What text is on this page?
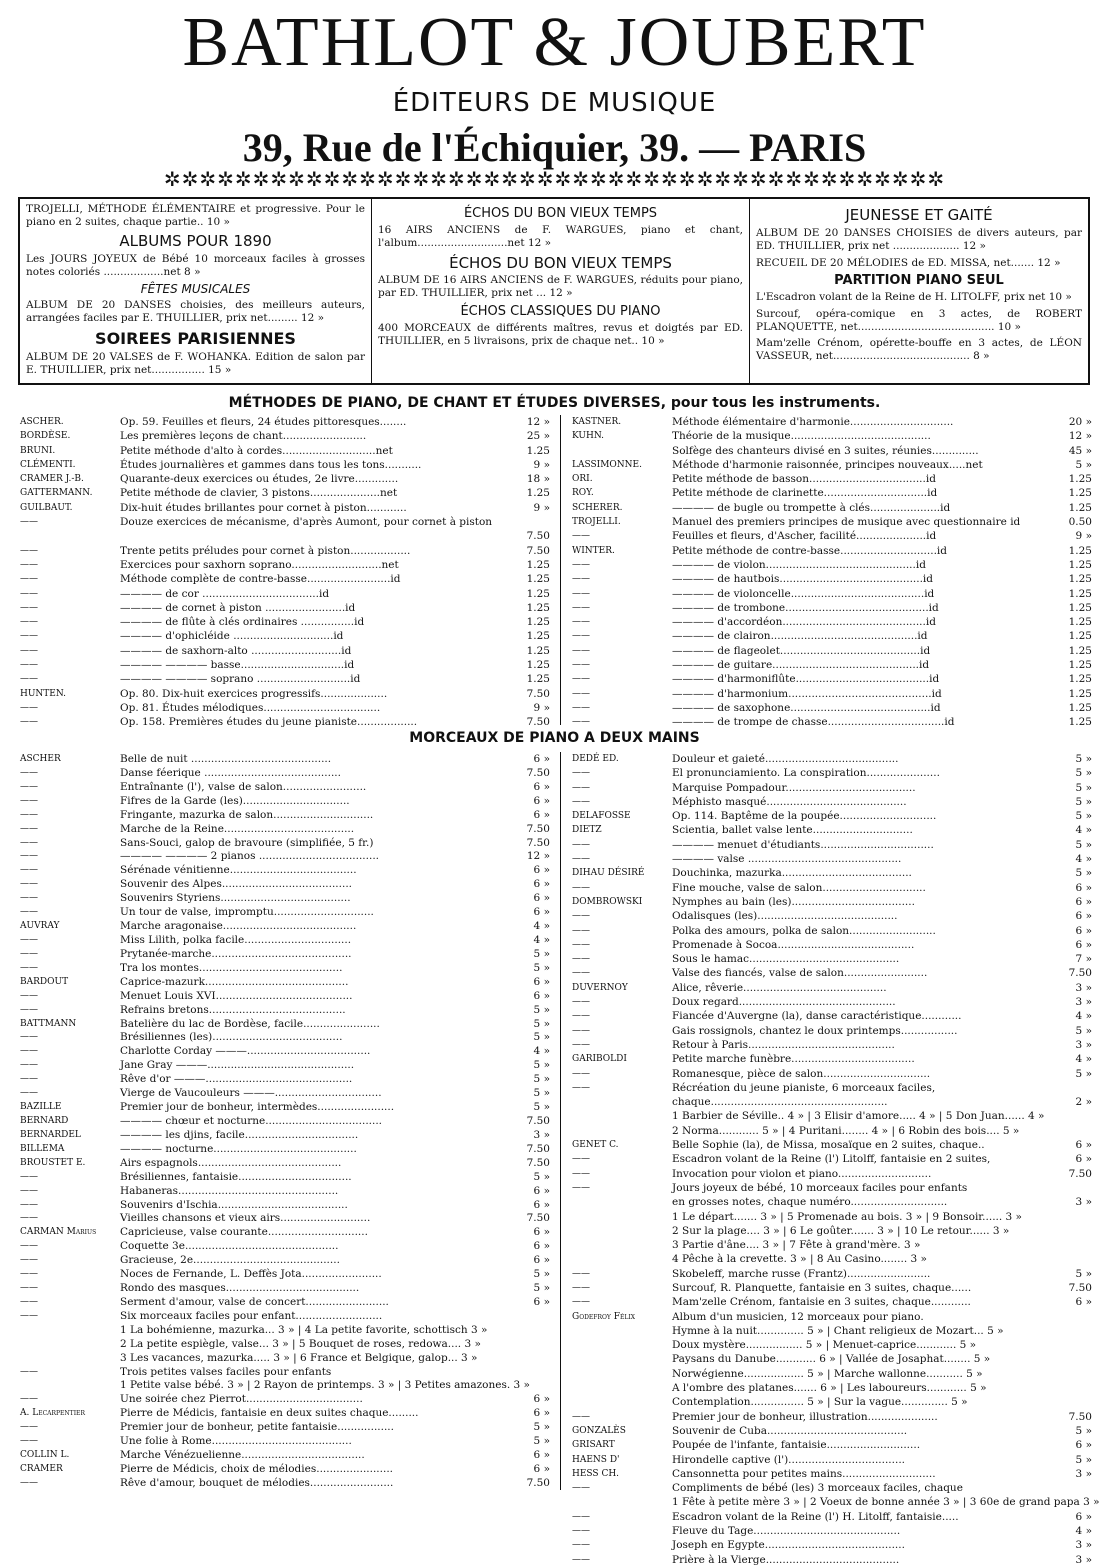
BATHLOT & JOUBERT
ÉDITEURS DE MUSIQUE
39, Rue de l'Échiquier, 39. — PARIS
✲✲✲✲✲✲✲✲✲✲✲✲✲✲✲✲✲✲✲✲✲✲✲✲✲✲✲✲✲✲✲✲✲✲✲✲✲✲✲✲✲✲✲✲
TROJELLI, MÉTHODE ÉLÉMENTAIRE et progressive. Pour le piano en 2 suites, chaque partie.. 10 »
ALBUMS POUR 1890
Les JOURS JOYEUX de Bébé 10 morceaux faciles à grosses notes coloriés ..................net 8 »
FÊTES MUSICALES
ALBUM DE 20 DANSES choisies, des meilleurs auteurs, arrangées faciles par E. THUILLIER, prix net......... 12 »
SOIREES PARISIENNES
ALBUM DE 20 VALSES de F. WOHANKA. Edition de salon par E. THUILLIER, prix net................ 15 »
ÉCHOS DU BON VIEUX TEMPS
16 AIRS ANCIENS de F. WARGUES, piano et chant, l'album...........................net 12 »
ÉCHOS DU BON VIEUX TEMPS
ALBUM DE 16 AIRS ANCIENS de F. WARGUES, réduits pour piano, par ED. THUILLIER, prix net ... 12 »
ÉCHOS CLASSIQUES DU PIANO
400 MORCEAUX de différents maîtres, revus et doigtés par ED. THUILLIER, en 5 livraisons, prix de chaque net.. 10 »
JEUNESSE ET GAITÉ
ALBUM DE 20 DANSES CHOISIES de divers auteurs, par ED. THUILLIER, prix net .................... 12 »
RECUEIL DE 20 MÉLODIES de ED. MISSA, net....... 12 »
PARTITION PIANO SEUL
L'Escadron volant de la Reine de H. LITOLFF, prix net 10 »
Surcouf, opéra-comique en 3 actes, de ROBERT PLANQUETTE, net......................................... 10 »
Mam'zelle Crénom, opérette-bouffe en 3 actes, de LÉON VASSEUR, net......................................... 8 »
MÉTHODES DE PIANO, DE CHANT ET ÉTUDES DIVERSES, pour tous les instruments.
ASCHER.	Op. 59. Feuilles et fleurs, 24 études pittoresques........	12 »
BORDÈSE.	Les premières leçons de chant.........................	25 »
BRUNI.	Petite méthode d'alto à cordes............................net	1.25
CLÉMENTI.	Études journalières et gammes dans tous les tons...........	9 »
CRAMER J.-B.	Quarante-deux exercices ou études, 2e livre.............	18 »
GATTERMANN.	Petite méthode de clavier, 3 pistons.....................net	1.25
GUILBAUT.	Dix-huit études brillantes pour cornet à piston............	9 »
——	Douze exercices de mécanisme, d'après Aumont, pour cornet à piston
7.50
——	Trente petits préludes pour cornet à piston..................	7.50
——	Exercices pour saxhorn soprano...........................net	1.25
——	Méthode complète de contre-basse.........................id	1.25
——	———— de cor ...................................id	1.25
——	———— de cornet à piston ........................id	1.25
——	———— de flûte à clés ordinaires ................id	1.25
——	———— d'ophicléide ..............................id	1.25
——	———— de saxhorn-alto ...........................id	1.25
——	———— ———— basse...............................id	1.25
——	———— ———— soprano ............................id	1.25
HUNTEN.	Op. 80. Dix-huit exercices progressifs....................	7.50
——	Op. 81. Études mélodiques...................................	9 »
——	Op. 158. Premières études du jeune pianiste..................	7.50
KASTNER.	Méthode élémentaire d'harmonie...............................	20 »
KUHN.	Théorie de la musique..........................................	12 »
Solfège des chanteurs divisé en 3 suites, réunies..............	45 »
LASSIMONNE.	Méthode d'harmonie raisonnée, principes nouveaux.....net	5 »
ORI.	Petite méthode de basson...................................id	1.25
ROY.	Petite méthode de clarinette...............................id	1.25
SCHERER.	———— de bugle ou trompette à clés.....................id	1.25
TROJELLI.	Manuel des premiers principes de musique avec questionnaire id	0.50
——	Feuilles et fleurs, d'Ascher, facilité.....................id	9 »
WINTER.	Petite méthode de contre-basse.............................id	1.25
——	———— de violon.............................................id	1.25
——	———— de hautbois...........................................id	1.25
——	———— de violoncelle........................................id	1.25
——	———— de trombone...........................................id	1.25
——	———— d'accordéon...........................................id	1.25
——	———— de clairon............................................id	1.25
——	———— de flageolet..........................................id	1.25
——	———— de guitare............................................id	1.25
——	———— d'harmoniflûte........................................id	1.25
——	———— d'harmonium...........................................id	1.25
——	———— de saxophone..........................................id	1.25
——	———— de trompe de chasse...................................id	1.25
MORCEAUX DE PIANO A DEUX MAINS
ASCHER	Belle de nuit ..........................................	6 »
——	Danse féerique .........................................	7.50
——	Entraînante (l'), valse de salon.........................	6 »
——	Fifres de la Garde (les)................................	6 »
——	Fringante, mazurka de salon..............................	6 »
——	Marche de la Reine.......................................	7.50
——	Sans-Souci, galop de bravoure (simplifiée, 5 fr.)	7.50
——	———— ———— 2 pianos ....................................	12 »
——	Sérénade vénitienne......................................	6 »
——	Souvenir des Alpes.......................................	6 »
——	Souvenirs Styriens.......................................	6 »
——	Un tour de valse, impromptu..............................	6 »
AUVRAY	Marche aragonaise........................................	4 »
——	Miss Lilith, polka facile................................	4 »
——	Prytanée-marche..........................................	5 »
——	Tra los montes...........................................	5 »
BARDOUT	Caprice-mazurk...........................................	6 »
——	Menuet Louis XVI.........................................	6 »
——	Refrains bretons.........................................	5 »
BATTMANN	Batelière du lac de Bordèse, facile.......................	5 »
——	Brésiliennes (les).......................................	5 »
——	Charlotte Corday ———.....................................	4 »
——	Jane Gray ———............................................	5 »
——	Rêve d'or ———............................................	5 »
——	Vierge de Vaucouleurs ———................................	5 »
BAZILLE	Premier jour de bonheur, intermèdes.......................	5 »
BERNARD	———— chœur et nocturne...................................	7.50
BERNARDEL	———— les djins, facile..................................	3 »
BILLEMA	———— nocturne...........................................	7.50
BROUSTET E.	Airs espagnols...........................................	7.50
——	Brésiliennes, fantaisie..................................	5 »
——	Habaneras................................................	6 »
——	Souvenirs d'Ischia.......................................	6 »
——	Vieilles chansons et vieux airs...........................	7.50
CARMAN Marius Capricieuse, valse courante..............................	6 »
——	Coquette 3e..............................................	6 »
——	Gracieuse, 2e............................................	6 »
——	Noces de Fernande, L. Deffès Jota........................	5 »
——	Rondo des masques........................................	5 »
——	Serment d'amour, valse de concert.........................	6 »
——	Six morceaux faciles pour enfant..........................
1 La bohémienne, mazurka... 3 » | 4 La petite favorite, schottisch 3 »
2 La petite espiègle, valse... 3 » | 5 Bouquet de roses, redowa.... 3 »
3 Les vacances, mazurka..... 3 » | 6 France et Belgique, galop... 3 »
——	Trois petites valses faciles pour enfants
1 Petite valse bébé. 3 » | 2 Rayon de printemps. 3 » | 3 Petites amazones. 3 »
——	Une soirée chez Pierrot...................................	6 »
A. Lecarpentier	Pierre de Médicis, fantaisie en deux suites chaque.........	6 »
——	Premier jour de bonheur, petite fantaisie.................	5 »
——	Une folie à Rome..........................................	5 »
COLLIN L.	Marche Vénézuelienne.....................................	6 »
CRAMER	Pierre de Médicis, choix de mélodies.......................	6 »
——	Rêve d'amour, bouquet de mélodies.........................	7.50
DEDÉ ED.	Douleur et gaieté........................................	5 »
——	El pronunciamiento. La conspiration......................	5 »
——	Marquise Pompadour.......................................	5 »
——	Méphisto masqué..........................................	5 »
DELAFOSSE	Op. 114. Baptême de la poupée.............................	5 »
DIETZ	Scientia, ballet valse lente..............................	4 »
——	———— menuet d'étudiants..................................	5 »
——	———— valse ..............................................	4 »
DIHAU DÉSIRÉ	Douchinka, mazurka.......................................	5 »
——	Fine mouche, valse de salon...............................	6 »
DOMBROWSKI	Nymphes au bain (les).....................................	6 »
——	Odalisques (les)..........................................	6 »
——	Polka des amours, polka de salon..........................	6 »
——	Promenade à Socoa.........................................	6 »
——	Sous le hamac.............................................	7 »
——	Valse des fiancés, valse de salon.........................	7.50
DUVERNOY	Alice, rêverie...........................................	3 »
——	Doux regard...............................................	3 »
——	Fiancée d'Auvergne (la), danse caractéristique............	4 »
——	Gais rossignols, chantez le doux printemps.................	5 »
——	Retour à Paris............................................	3 »
GARIBOLDI	Petite marche funèbre.....................................	4 »
——	Romanesque, pièce de salon................................	5 »
——	Récréation du jeune pianiste, 6 morceaux faciles,
chaque.....................................................	2 »
1 Barbier de Séville.. 4 » | 3 Elisir d'amore..... 4 » | 5 Don Juan...... 4 »
2 Norma............ 5 » | 4 Puritani........ 4 » | 6 Robin des bois.... 5 »
GENET C.	Belle Sophie (la), de Missa, mosaïque en 2 suites, chaque..	6 »
——	Escadron volant de la Reine (l') Litolff, fantaisie en 2 suites,	6 »
——	Invocation pour violon et piano............................	7.50
——	Jours joyeux de bébé, 10 morceaux faciles pour enfants
en grosses notes, chaque numéro.............................	3 »
1 Le départ....... 3 » | 5 Promenade au bois. 3 » | 9 Bonsoir...... 3 »
2 Sur la plage.... 3 » | 6 Le goûter....... 3 » | 10 Le retour...... 3 »
3 Partie d'âne.... 3 » | 7 Fête à grand'mère. 3 »
4 Pêche à la crevette. 3 » | 8 Au Casino........ 3 »
——	Skobeleff, marche russe (Frantz).........................	5 »
——	Surcouf, R. Planquette, fantaisie en 3 suites, chaque......	7.50
——	Mam'zelle Crénom, fantaisie en 3 suites, chaque............	6 »
Godefroy Félix	Album d'un musicien, 12 morceaux pour piano.
Hymne à la nuit.............. 5 » | Chant religieux de Mozart... 5 »
Doux mystère................. 5 » | Menuet-caprice............ 5 »
Paysans du Danube............ 6 » | Vallée de Josaphat........ 5 »
Norwégienne.................. 5 » | Marche wallonne........... 5 »
A l'ombre des platanes....... 6 » | Les laboureurs............ 5 »
Contemplation................ 5 » | Sur la vague.............. 5 »
——	Premier jour de bonheur, illustration.....................	7.50
GONZALÈS	Souvenir de Cuba..........................................	5 »
GRISART	Poupée de l'infante, fantaisie............................	6 »
HAENS D'	Hirondelle captive (l')...................................	5 »
HESS CH.	Cansonnetta pour petites mains............................	3 »
——	Compliments de bébé (les) 3 morceaux faciles, chaque
1 Fête à petite mère 3 » | 2 Voeux de bonne année 3 » | 3 60e de grand papa 3 »
——	Escadron volant de la Reine (l') H. Litolff, fantaisie.....	6 »
——	Fleuve du Tage............................................	4 »
——	Joseph en Egypte..........................................	3 »
——	Prière à la Vierge........................................	3 »
